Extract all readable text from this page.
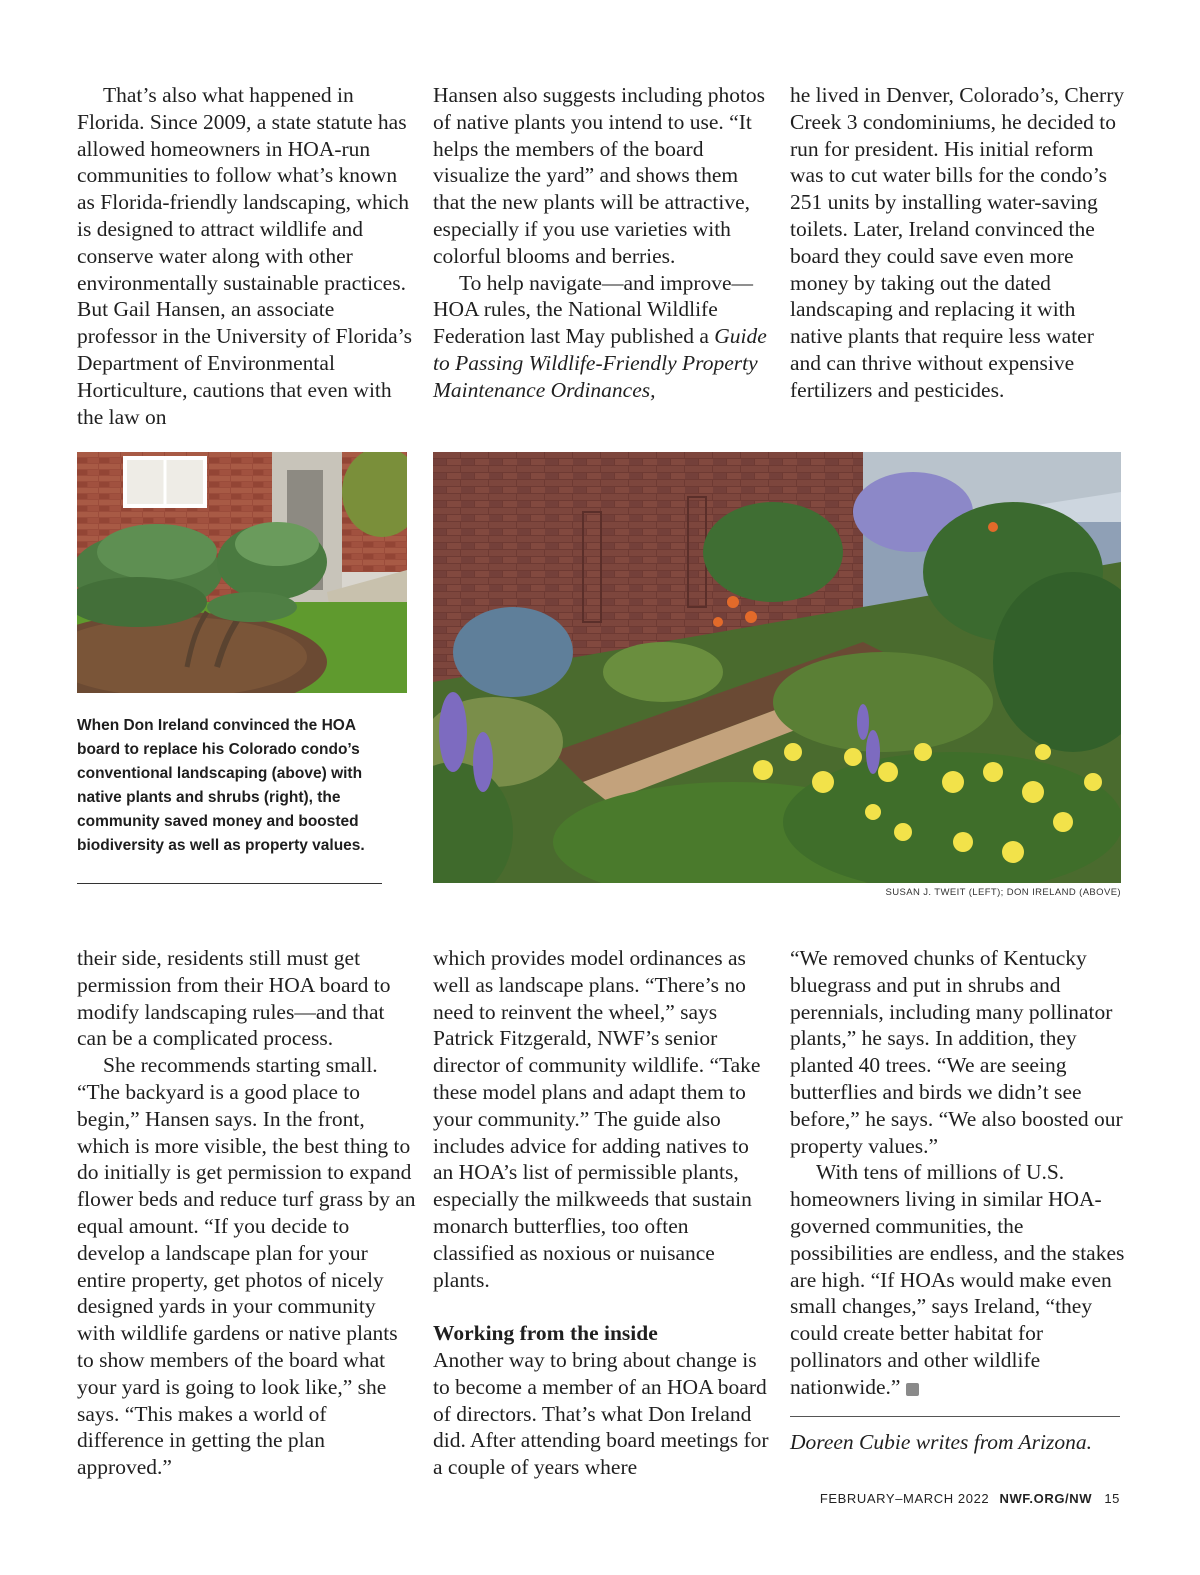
That’s also what happened in Florida. Since 2009, a state statute has allowed homeowners in HOA-run communities to follow what’s known as Florida-friendly landscaping, which is designed to attract wildlife and conserve water along with other environmentally sustainable practices. But Gail Hansen, an associate professor in the University of Florida’s Department of Environmental Horticulture, cautions that even with the law on

Hansen also suggests including photos of native plants you intend to use. “It helps the members of the board visualize the yard” and shows them that the new plants will be attractive, especially if you use varieties with colorful blooms and berries.

To help navigate—and improve—HOA rules, the National Wildlife Federation last May published a Guide to Passing Wildlife-Friendly Property Maintenance Ordinances,

he lived in Denver, Colorado’s, Cherry Creek 3 condominiums, he decided to run for president. His initial reform was to cut water bills for the condo’s 251 units by installing water-saving toilets. Later, Ireland convinced the board they could save even more money by taking out the dated landscaping and replacing it with native plants that require less water and can thrive without expensive fertilizers and pesticides.

When Don Ireland convinced the HOA board to replace his Colorado condo’s conventional landscaping (above) with native plants and shrubs (right), the community saved money and boosted biodiversity as well as property values.
SUSAN J. TWEIT (LEFT); DON IRELAND (ABOVE)

their side, residents still must get permission from their HOA board to modify landscaping rules—and that can be a complicated process.

She recommends starting small. “The backyard is a good place to begin,” Hansen says. In the front, which is more visible, the best thing to do initially is get permission to expand flower beds and reduce turf grass by an equal amount. “If you decide to develop a landscape plan for your entire property, get photos of nicely designed yards in your community with wildlife gardens or native plants to show members of the board what your yard is going to look like,” she says. “This makes a world of difference in getting the plan approved.”

which provides model ordinances as well as landscape plans. “There’s no need to reinvent the wheel,” says Patrick Fitzgerald, NWF’s senior director of community wildlife. “Take these model plans and adapt them to your community.” The guide also includes advice for adding natives to an HOA’s list of permissible plants, especially the milkweeds that sustain monarch butterflies, too often classified as noxious or nuisance plants.

Working from the inside

Another way to bring about change is to become a member of an HOA board of directors. That’s what Don Ireland did. After attending board meetings for a couple of years where

“We removed chunks of Kentucky bluegrass and put in shrubs and perennials, including many pollinator plants,” he says. In addition, they planted 40 trees. “We are seeing butterflies and birds we didn’t see before,” he says. “We also boosted our property values.”

With tens of millions of U.S. homeowners living in similar HOA-governed communities, the possibilities are endless, and the stakes are high. “If HOAs would make even small changes,” says Ireland, “they could create better habitat for pollinators and other wildlife nationwide.”	W

Doreen Cubie writes from Arizona.
FEBRUARY–MARCH 2022 NWF.ORG/NW 15
